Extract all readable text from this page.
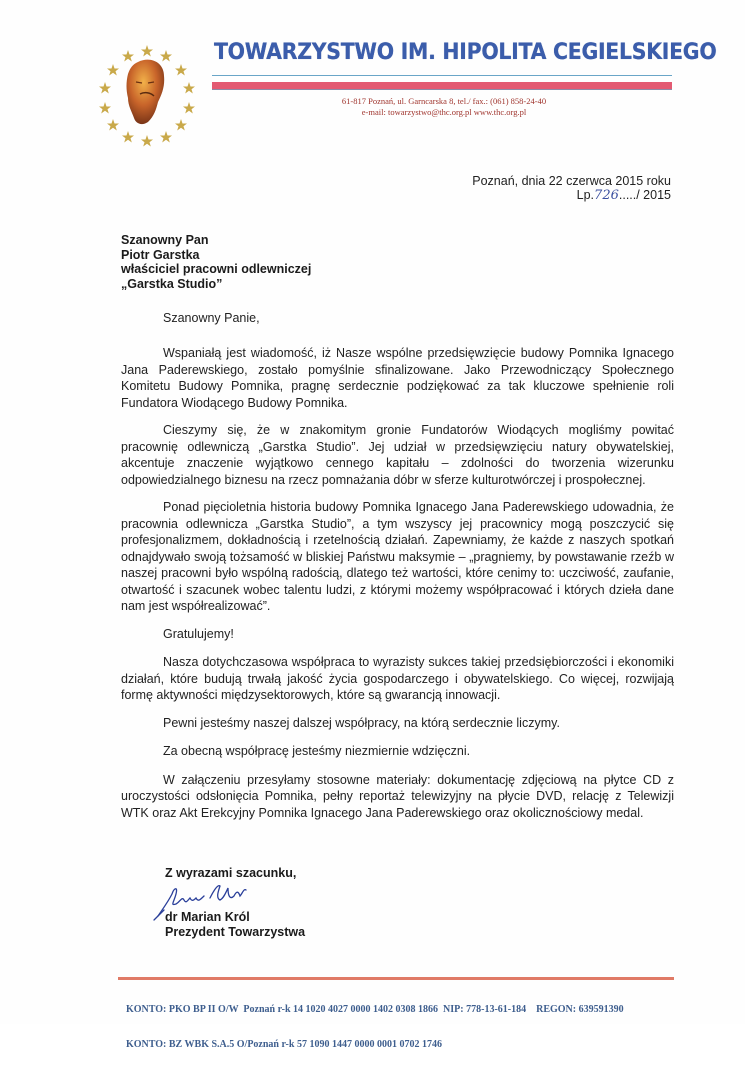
TOWARZYSTWO IM. HIPOLITA CEGIELSKIEGO
61-817 Poznań, ul. Garncarska 8, tel./ fax.: (061) 858-24-40
e-mail: towarzystwo@thc.org.pl www.thc.org.pl
Poznań, dnia 22 czerwca 2015 roku
Lp.726...../ 2015
Szanowny Pan
Piotr Garstka
właściciel pracowni odlewniczej
„Garstka Studio”
Szanowny Panie,

Wspaniałą jest wiadomość, iż Nasze wspólne przedsięwzięcie budowy Pomnika Ignacego Jana Paderewskiego, zostało pomyślnie sfinalizowane. Jako Przewodniczący Społecznego Komitetu Budowy Pomnika, pragnę serdecznie podziękować za tak kluczowe spełnienie roli Fundatora Wiodącego Budowy Pomnika.

Cieszymy się, że w znakomitym gronie Fundatorów Wiodących mogliśmy powitać pracownię odlewniczą „Garstka Studio”. Jej udział w przedsięwzięciu natury obywatelskiej, akcentuje znaczenie wyjątkowo cennego kapitału – zdolności do tworzenia wizerunku odpowiedzialnego biznesu na rzecz pomnażania dóbr w sferze kulturotwórczej i prospołecznej.

Ponad pięcioletnia historia budowy Pomnika Ignacego Jana Paderewskiego udowadnia, że pracownia odlewnicza „Garstka Studio”, a tym wszyscy jej pracownicy mogą poszczycić się profesjonalizmem, dokładnością i rzetelnością działań. Zapewniamy, że każde z naszych spotkań odnajdywało swoją tożsamość w bliskiej Państwu maksymie – „pragniemy, by powstawanie rzeźb w naszej pracowni było wspólną radością, dlatego też wartości, które cenimy to: uczciwość, zaufanie, otwartość i szacunek wobec talentu ludzi, z którymi możemy współpracować i których dzieła dane nam jest współrealizować”.

Gratulujemy!

Nasza dotychczasowa współpraca to wyrazisty sukces takiej przedsiębiorczości i ekonomiki działań, które budują trwałą jakość życia gospodarczego i obywatelskiego. Co więcej, rozwijają formę aktywności międzysektorowych, które są gwarancją innowacji.

Pewni jesteśmy naszej dalszej współpracy, na którą serdecznie liczymy.

Za obecną współpracę jesteśmy niezmiernie wdzięczni.

W załączeniu przesyłamy stosowne materiały: dokumentację zdjęciową na płytce CD z uroczystości odsłonięcia Pomnika, pełny reportaż telewizyjny na płycie DVD, relację z Telewizji WTK oraz Akt Erekcyjny Pomnika Ignacego Jana Paderewskiego oraz okolicznościowy medal.

Z wyrazami szacunku,
dr Marian Król
Prezydent Towarzystwa

KONTO: PKO BP II O/W  Poznań r-k 14 1020 4027 0000 1402 0308 1866  NIP: 778-13-61-184    REGON: 639591390

KONTO: BZ WBK S.A.5 O/Poznań r-k 57 1090 1447 0000 0001 0702 1746
